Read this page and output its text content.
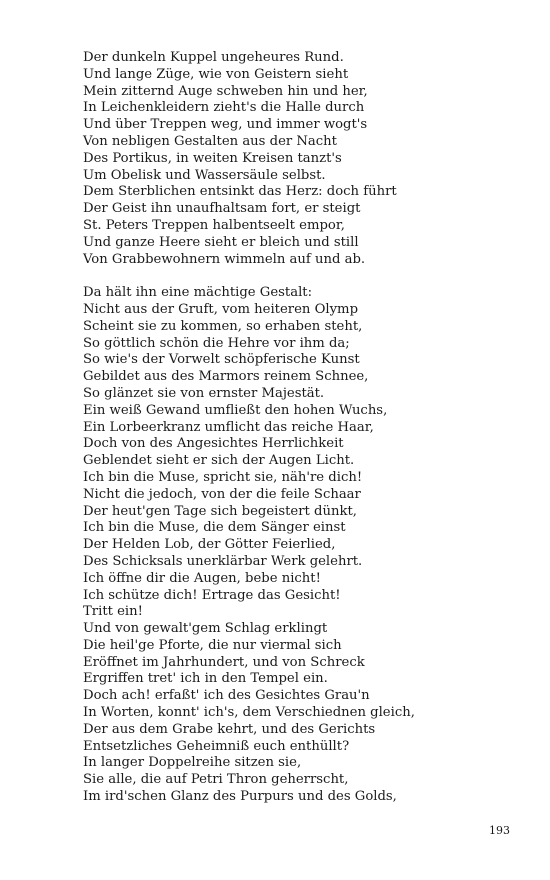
Der dunkeln Kuppel ungeheures Rund.
Und lange Züge, wie von Geistern sieht
Mein zitternd Auge schweben hin und her,
In Leichenkleidern zieht's die Halle durch
Und über Treppen weg, und immer wogt's
Von nebligen Gestalten aus der Nacht
Des Portikus, in weiten Kreisen tanzt's
Um Obelisk und Wassersäule selbst.
Dem Sterblichen entsinkt das Herz: doch führt
Der Geist ihn unaufhaltsam fort, er steigt
St. Peters Treppen halbentseelt empor,
Und ganze Heere sieht er bleich und still
Von Grabbewohnern wimmeln auf und ab.
Da hält ihn eine mächtige Gestalt:
Nicht aus der Gruft, vom heiteren Olymp
Scheint sie zu kommen, so erhaben steht,
So göttlich schön die Hehre vor ihm da;
So wie's der Vorwelt schöpferische Kunst
Gebildet aus des Marmors reinem Schnee,
So glänzet sie von ernster Majestät.
Ein weiß Gewand umfließt den hohen Wuchs,
Ein Lorbeerkranz umflicht das reiche Haar,
Doch von des Angesichtes Herrlichkeit
Geblendet sieht er sich der Augen Licht.
Ich bin die Muse, spricht sie, näh're dich!
Nicht die jedoch, von der die feile Schaar
Der heut'gen Tage sich begeistert dünkt,
Ich bin die Muse, die dem Sänger einst
Der Helden Lob, der Götter Feierlied,
Des Schicksals unerklärbar Werk gelehrt.
Ich öffne dir die Augen, bebe nicht!
Ich schütze dich! Ertrage das Gesicht!
Tritt ein!
Und von gewalt'gem Schlag erklingt
Die heil'ge Pforte, die nur viermal sich
Eröffnet im Jahrhundert, und von Schreck
Ergriffen tret' ich in den Tempel ein.
Doch ach! erfaßt' ich des Gesichtes Grau'n
In Worten, konnt' ich's, dem Verschiednen gleich,
Der aus dem Grabe kehrt, und des Gerichts
Entsetzliches Geheimniß euch enthüllt?
In langer Doppelreihe sitzen sie,
Sie alle, die auf Petri Thron geherrscht,
Im ird'schen Glanz des Purpurs und des Golds,
193
